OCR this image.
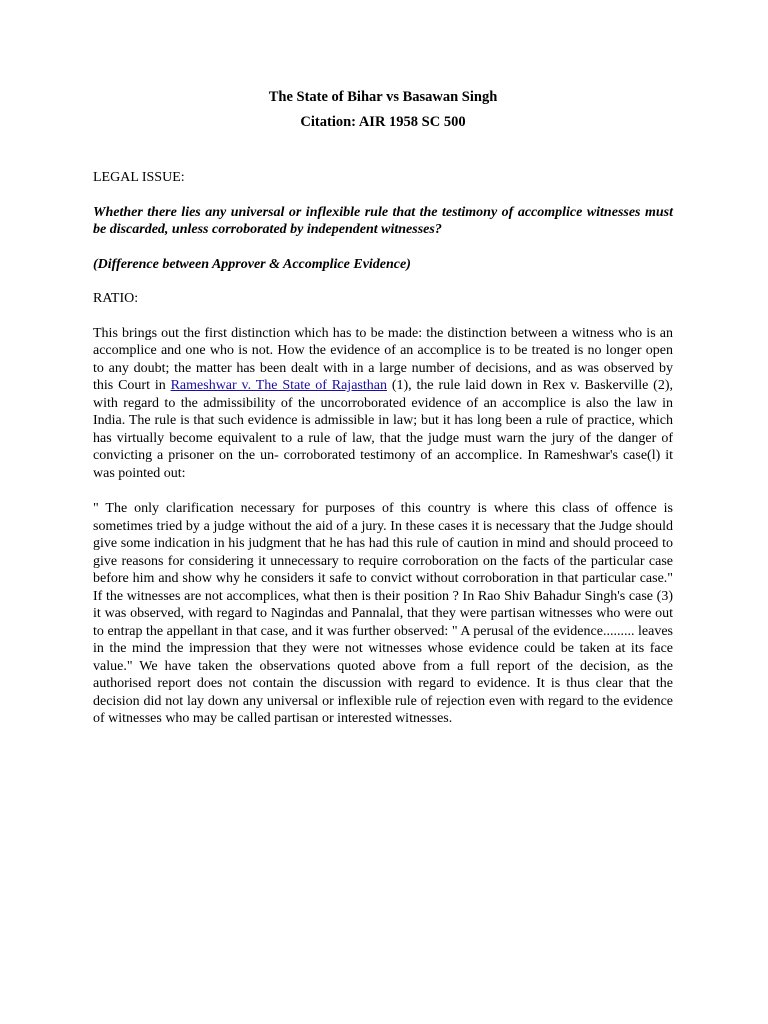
The State of Bihar vs Basawan Singh

Citation: AIR 1958 SC 500

LEGAL ISSUE:

Whether there lies any universal or inflexible rule that the testimony of accomplice witnesses must be discarded, unless corroborated by independent witnesses?

(Difference between Approver & Accomplice Evidence)

RATIO:

This brings out the first distinction which has to be made: the distinction between a witness who is an accomplice and one who is not. How the evidence of an accomplice is to be treated is no longer open to any doubt; the matter has been dealt with in a large number of decisions, and as was observed by this Court in Rameshwar v. The State of Rajasthan (1), the rule laid down in Rex v. Baskerville (2), with regard to the admissibility of the uncorroborated evidence of an accomplice is also the law in India. The rule is that such evidence is admissible in law; but it has long been a rule of practice, which has virtually become equivalent to a rule of law, that the judge must warn the jury of the danger of convicting a prisoner on the un- corroborated testimony of an accomplice. In Rameshwar's case(l) it was pointed out:

" The only clarification necessary for purposes of this country is where this class of offence is sometimes tried by a judge without the aid of a jury. In these cases it is necessary that the Judge should give some indication in his judgment that he has had this rule of caution in mind and should proceed to give reasons for considering it unnecessary to require corroboration on the facts of the particular case before him and show why he considers it safe to convict without corroboration in that particular case." If the witnesses are not accomplices, what then is their position ? In Rao Shiv Bahadur Singh's case (3) it was observed, with regard to Nagindas and Pannalal, that they were partisan witnesses who were out to entrap the appellant in that case, and it was further observed: " A perusal of the evidence......... leaves in the mind the impression that they were not witnesses whose evidence could be taken at its face value." We have taken the observations quoted above from a full report of the decision, as the authorised report does not contain the discussion with regard to evidence. It is thus clear that the decision did not lay down any universal or inflexible rule of rejection even with regard to the evidence of witnesses who may be called partisan or interested witnesses.
